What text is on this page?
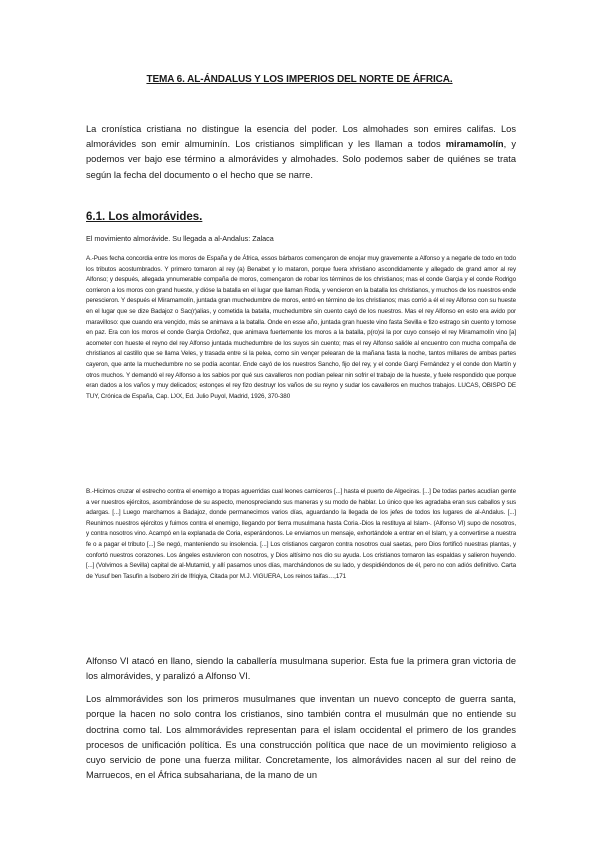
TEMA 6. AL-ÁNDALUS Y LOS IMPERIOS DEL NORTE DE ÁFRICA.

La cronística cristiana no distingue la esencia del poder. Los almohades son emires califas. Los almorávides son emir almuminín. Los cristianos simplifican y les llaman a todos miramamolín, y podemos ver bajo ese término a almorávides y almohades. Solo podemos saber de quiénes se trata según la fecha del documento o el hecho que se narre.

6.1. Los almorávides.
El movimiento almorávide. Su llegada a al-Andalus: Zalaca

A.-Pues fecha concordia entre los moros de España y de África, essos bárbaros començaron de enojar muy gravemente a Alfonso y a negarle de todo en todo los tributos acostumbrados. Y primero tomaron al rey (a) Benabet y lo mataron, porque fuera xhristiano ascondidamente y allegado de grand amor al rey Alfonso; y después, allegada ynnumerable compaña de moros, començaron de robar los términos de los christianos; mas el conde Garçia y el conde Rodrigo corrieron a los moros con grand hueste, y dióse la batalla en el lugar que llaman Roda, y vencieron en la batalla los christianos, y muchos de los nuestros ende perescieron. Y después el Miramamolín, juntada gran muchedumbre de moros, entró en término de los christianos; mas corrió a él el rey Alfonso con su hueste en el lugar que se dize Badajoz o Sac(r)alias, y cometida la batalla, muchedumbre sin cuento cayó de los nuestros. Mas el rey Alfonso en esto era avido por maravilloso: que cuando era vençido, más se animava a la batalla. Onde en esse año, juntada gran hueste vino fasta Sevilla e fizo estrago sin cuento y tornose en paz. Era con los moros el conde Garçia Ordoñez, que animava fuertemente los moros a la batalla, p(ro)si la por cuyo consejo el rey Miramamolín vino [a] acometer con hueste el reyno del rey Alfonso juntada muchedumbre de los suyos sin cuento; mas el rey Alfonso salióle al encuentro con mucha compaña de christianos al castillo que se llama Veles, y trasada entre si la pelea, como sin vençer pelearan de la mañana fasta la noche, tantos millares de ambas partes cayeron, que ante la muchedumbre no se podía acontar. Ende cayó de los nuestros Sancho, fijo del rey, y el conde Garçi Fernández y el conde don Martín y otros muchos. Y demandó el rey Alfonso a los sabios por qué sus cavalleros non podían pelear nin sofrir el trabajo de la hueste, y fuele respondido que porque eran dados a los vaños y muy delicados; estonçes el rey fizo destruyr los vaños de su reyno y sudar los cavalleros en muchos trabajos. LUCAS, OBISPO DE TUY, Crónica de España, Cap. LXX, Ed. Julio Puyol, Madrid, 1926, 370-380

B.-Hicimos cruzar el estrecho contra el enemigo a tropas aguerridas cual leones carniceros [...] hasta el puerto de Algeciras. [...] De todas partes acudían gente a ver nuestros ejércitos, asombrándose de su aspecto, menospreciando sus maneras y su modo de hablar. Lo único que les agradaba eran sus caballos y sus adargas. [...] Luego marchamos a Badajoz, donde permanecimos varios días, aguardando la llegada de los jefes de todos los lugares de al-Andalus. [...] Reunimos nuestros ejércitos y fuimos contra el enemigo, llegando por tierra musulmana hasta Coria.-Dios la restituya al Islam-. (Alfonso VI) supo de nosotros, y contra nosotros vino. Acampó en la explanada de Coria, esperándonos. Le enviamos un mensaje, exhortándole a entrar en el Islam, y a convertirse a nuestra fe o a pagar el tributo [...] Se negó, manteniendo su insolencia. [...] Los cristianos cargaron contra nosotros cual saetas, pero Dios fortificó nuestras plantas, y confortó nuestros corazones. Los ángeles estuvieron con nosotros, y Dios altísimo nos dio su ayuda. Los cristianos tornaron las espaldas y salieron huyendo. [...] (Volvimos a Sevilla) capital de al-Mutamid, y allí pasamos unos días, marchándonos de su lado, y despidiéndonos de él, pero no con adiós definitivo. Carta de Yusuf ben Tasufín a Isobero ziri de Ifriqiya, Citada por M.J. VIGUERA, Los reinos taifas…,171

Alfonso VI atacó en llano, siendo la caballería musulmana superior. Esta fue la primera gran victoria de los almorávides, y paralizó a Alfonso VI.

Los almmorávides son los primeros musulmanes que inventan un nuevo concepto de guerra santa, porque la hacen no solo contra los cristianos, sino también contra el musulmán que no entiende su doctrina como tal. Los almmorávides representan para el islam occidental el primero de los grandes procesos de unificación política. Es una construcción política que nace de un movimiento religioso a cuyo servicio de pone una fuerza militar. Concretamente, los almorávides nacen al sur del reino de Marruecos, en el África subsahariana, de la mano de un
